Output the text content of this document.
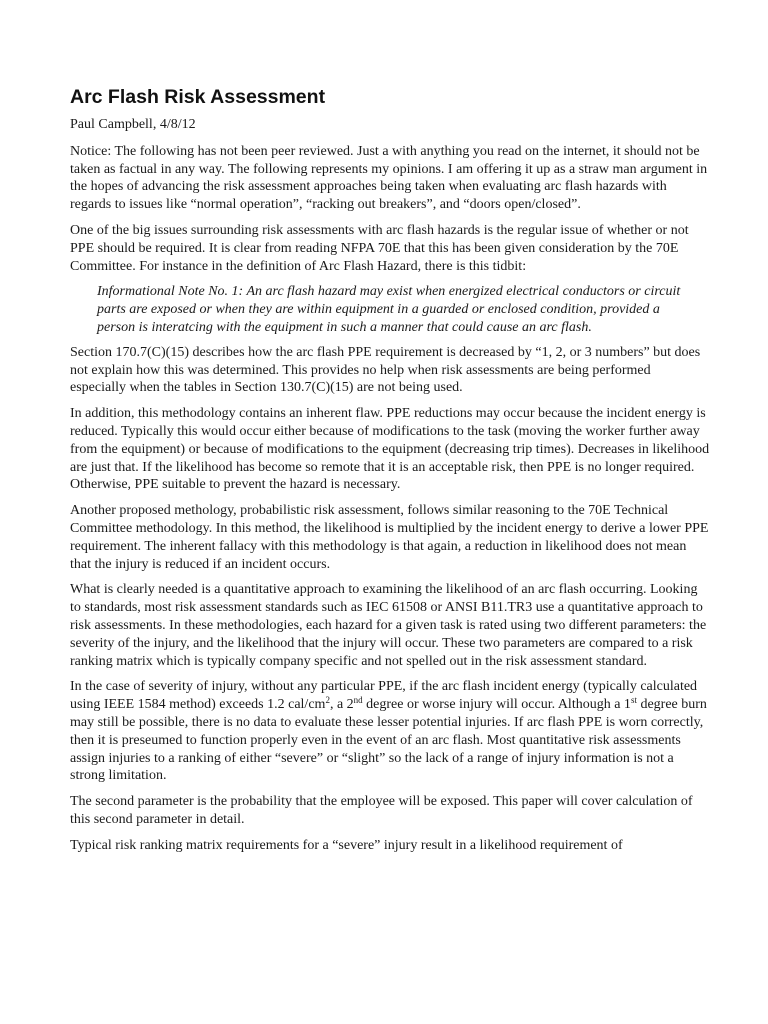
Arc Flash Risk Assessment

Paul Campbell, 4/8/12

Notice: The following has not been peer reviewed. Just a with anything you read on the internet, it should not be taken as factual in any way. The following represents my opinions. I am offering it up as a straw man argument in the hopes of advancing the risk assessment approaches being taken when evaluating arc flash hazards with regards to issues like “normal operation”, “racking out breakers”, and “doors open/closed”.

One of the big issues surrounding risk assessments with arc flash hazards is the regular issue of whether or not PPE should be required. It is clear from reading NFPA 70E that this has been given consideration by the 70E Committee. For instance in the definition of Arc Flash Hazard, there is this tidbit:

Informational Note No. 1: An arc flash hazard may exist when energized electrical conductors or circuit parts are exposed or when they are within equipment in a guarded or enclosed condition, provided a person is interatcing with the equipment in such a manner that could cause an arc flash.

Section 170.7(C)(15) describes how the arc flash PPE requirement is decreased by “1, 2, or 3 numbers” but does not explain how this was determined. This provides no help when risk assessments are being performed especially when the tables in Section 130.7(C)(15) are not being used.

In addition, this methodology contains an inherent flaw. PPE reductions may occur because the incident energy is reduced. Typically this would occur either because of modifications to the task (moving the worker further away from the equipment) or because of modifications to the equipment (decreasing trip times). Decreases in likelihood are just that. If the likelihood has become so remote that it is an acceptable risk, then PPE is no longer required. Otherwise, PPE suitable to prevent the hazard is necessary.

Another proposed methology, probabilistic risk assessment, follows similar reasoning to the 70E Technical Committee methodology. In this method, the likelihood is multiplied by the incident energy to derive a lower PPE requirement. The inherent fallacy with this methodology is that again, a reduction in likelihood does not mean that the injury is reduced if an incident occurs.

What is clearly needed is a quantitative approach to examining the likelihood of an arc flash occurring. Looking to standards, most risk assessment standards such as IEC 61508 or ANSI B11.TR3 use a quantitative approach to risk assessments. In these methodologies, each hazard for a given task is rated using two different parameters: the severity of the injury, and the likelihood that the injury will occur. These two parameters are compared to a risk ranking matrix which is typically company specific and not spelled out in the risk assessment standard.

In the case of severity of injury, without any particular PPE, if the arc flash incident energy (typically calculated using IEEE 1584 method) exceeds 1.2 cal/$cm^2$, a 2nd degree or worse injury will occur. Although a 1st degree burn may still be possible, there is no data to evaluate these lesser potential injuries. If arc flash PPE is worn correctly, then it is preseumed to function properly even in the event of an arc flash. Most quantitative risk assessments assign injuries to a ranking of either “severe” or “slight” so the lack of a range of injury information is not a strong limitation.

The second parameter is the probability that the employee will be exposed. This paper will cover calculation of this second parameter in detail.

Typical risk ranking matrix requirements for a “severe” injury result in a likelihood requirement of
